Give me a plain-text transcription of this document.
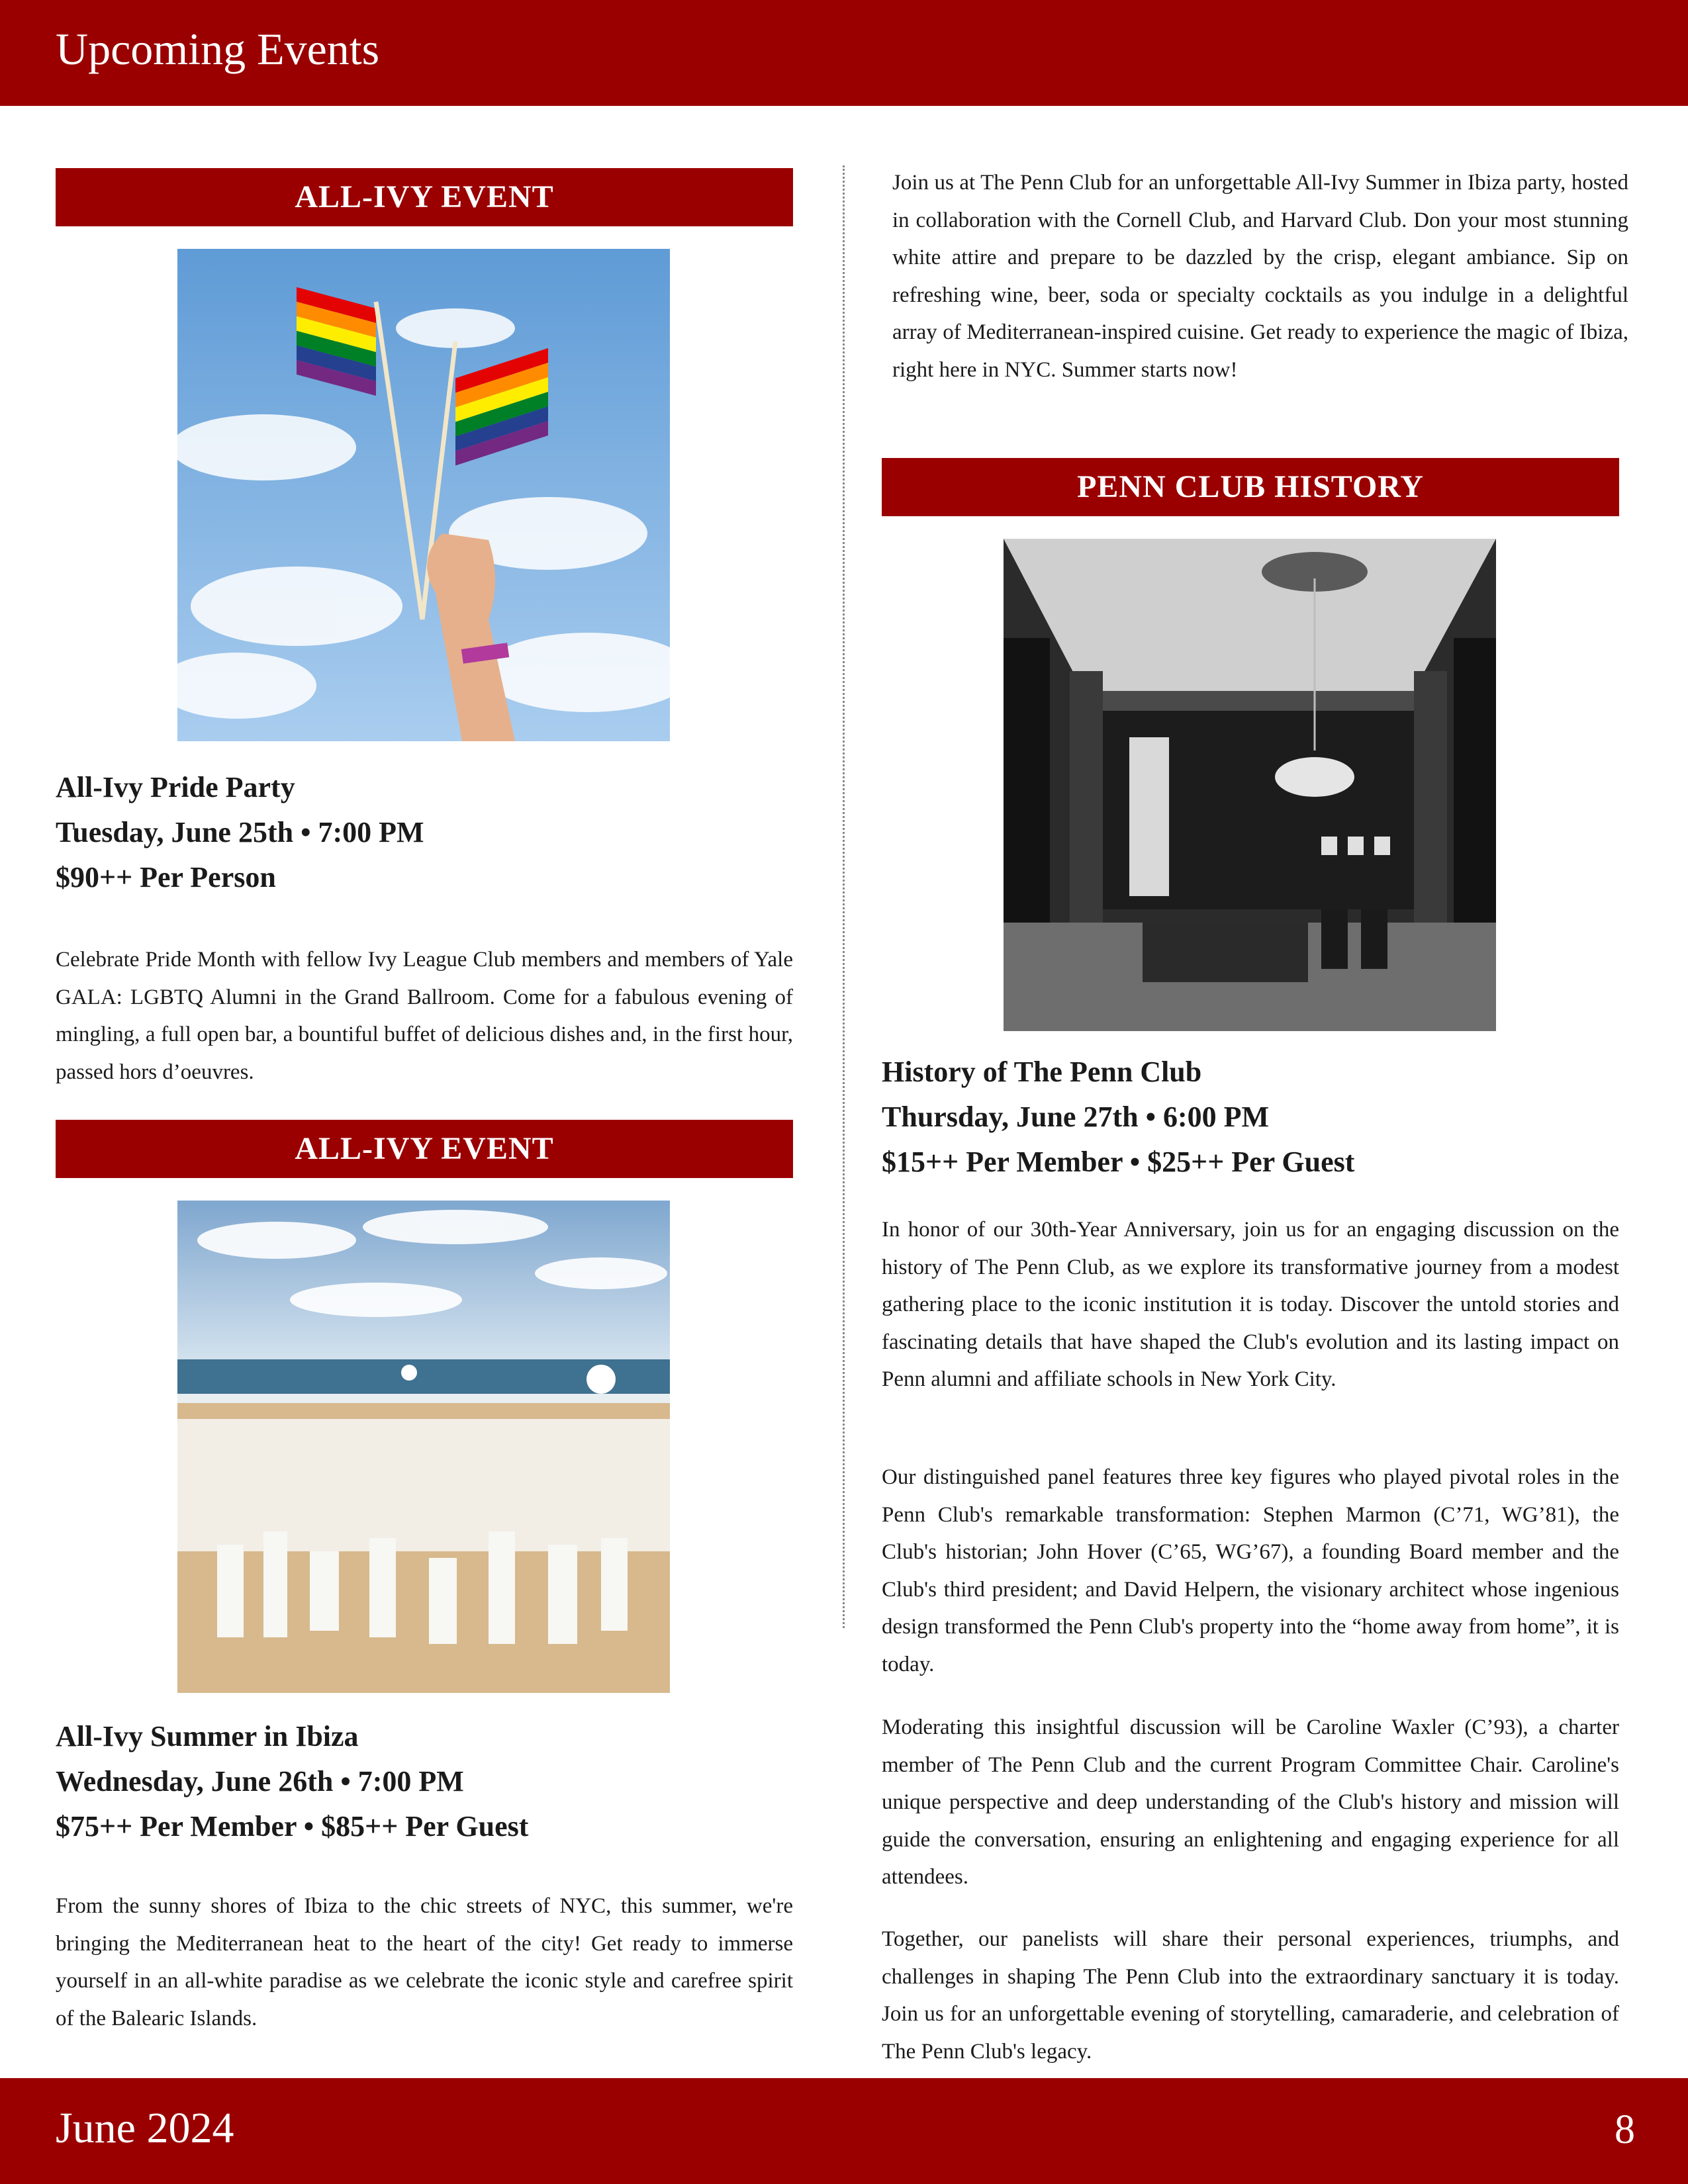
Upcoming Events
ALL-IVY EVENT
All-Ivy Pride Party
Tuesday, June 25th • 7:00 PM
$90++ Per Person

Celebrate Pride Month with fellow Ivy League Club members and members of Yale GALA: LGBTQ Alumni in the Grand Ballroom. Come for a fabulous evening of mingling, a full open bar, a bountiful buffet of delicious dishes and, in the first hour, passed hors d’oeuvres.

ALL-IVY EVENT
All-Ivy Summer in Ibiza
Wednesday, June 26th • 7:00 PM
$75++ Per Member • $85++ Per Guest

From the sunny shores of Ibiza to the chic streets of NYC, this summer, we're bringing the Mediterranean heat to the heart of the city! Get ready to immerse yourself in an all-white paradise as we celebrate the iconic style and carefree spirit of the Balearic Islands.

Join us at The Penn Club for an unforgettable All-Ivy Summer in Ibiza party, hosted in collaboration with the Cornell Club, and Harvard Club. Don your most stunning white attire and prepare to be dazzled by the crisp, elegant ambiance. Sip on refreshing wine, beer, soda or specialty cocktails as you indulge in a delightful array of Mediterranean-inspired cuisine. Get ready to experience the magic of Ibiza, right here in NYC. Summer starts now!

PENN CLUB HISTORY
History of The Penn Club
Thursday, June 27th • 6:00 PM
$15++ Per Member • $25++ Per Guest

In honor of our 30th-Year Anniversary, join us for an engaging discussion on the history of The Penn Club, as we explore its transformative journey from a modest gathering place to the iconic institution it is today. Discover the untold stories and fascinating details that have shaped the Club's evolution and its lasting impact on Penn alumni and affiliate schools in New York City.

Our distinguished panel features three key figures who played pivotal roles in the Penn Club's remarkable transformation: Stephen Marmon (C’71, WG’81), the Club's historian; John Hover (C’65, WG’67), a founding Board member and the Club's third president; and David Helpern, the visionary architect whose ingenious design transformed the Penn Club's property into the “home away from home”, it is today.

Moderating this insightful discussion will be Caroline Waxler (C’93), a charter member of The Penn Club and the current Program Committee Chair. Caroline's unique perspective and deep understanding of the Club's history and mission will guide the conversation, ensuring an enlightening and engaging experience for all attendees.

Together, our panelists will share their personal experiences, triumphs, and challenges in shaping The Penn Club into the extraordinary sanctuary it is today. Join us for an unforgettable evening of storytelling, camaraderie, and celebration of The Penn Club's legacy.

June 2024	8
